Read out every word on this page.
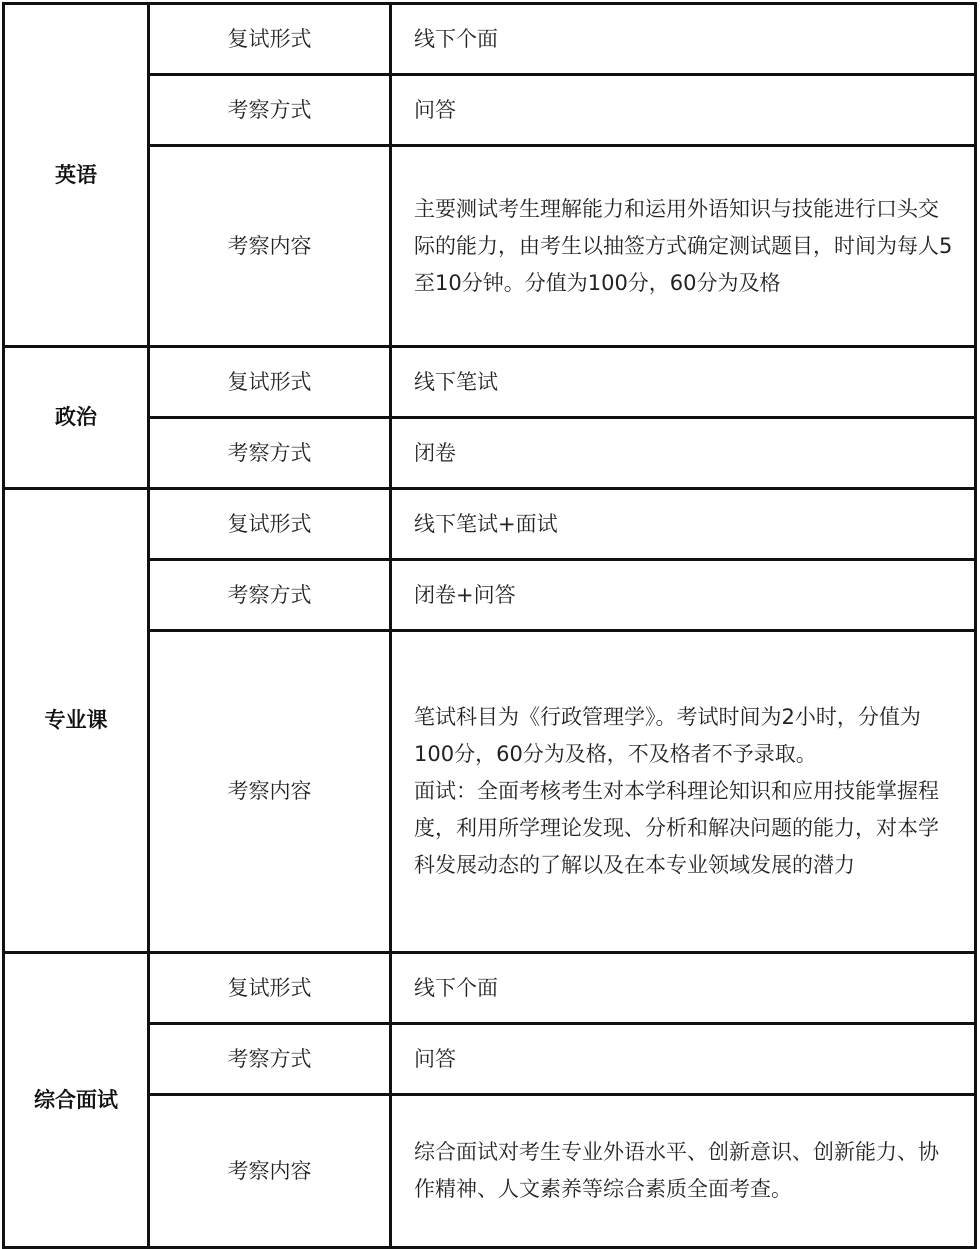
英语	复试形式	线下个面

	考察方式	问答

	考察内容	主要测试考生理解能力和运用外语知识与技能进行口头交际的能力，由考生以抽签方式确定测试题目，时间为每人5至10分钟。分值为100分，60分为及格

政治	复试形式	线下笔试

	考察方式	闭卷

专业课	复试形式	线下笔试+面试

	考察方式	闭卷+问答

	考察内容	笔试科目为《行政管理学》。考试时间为2小时，分值为100分，60分为及格，不及格者不予录取。
面试：全面考核考生对本学科理论知识和应用技能掌握程度，利用所学理论发现、分析和解决问题的能力，对本学科发展动态的了解以及在本专业领域发展的潜力

综合面试	复试形式	线下个面

	考察方式	问答

	考察内容	综合面试对考生专业外语水平、创新意识、创新能力、协作精神、人文素养等综合素质全面考查。
